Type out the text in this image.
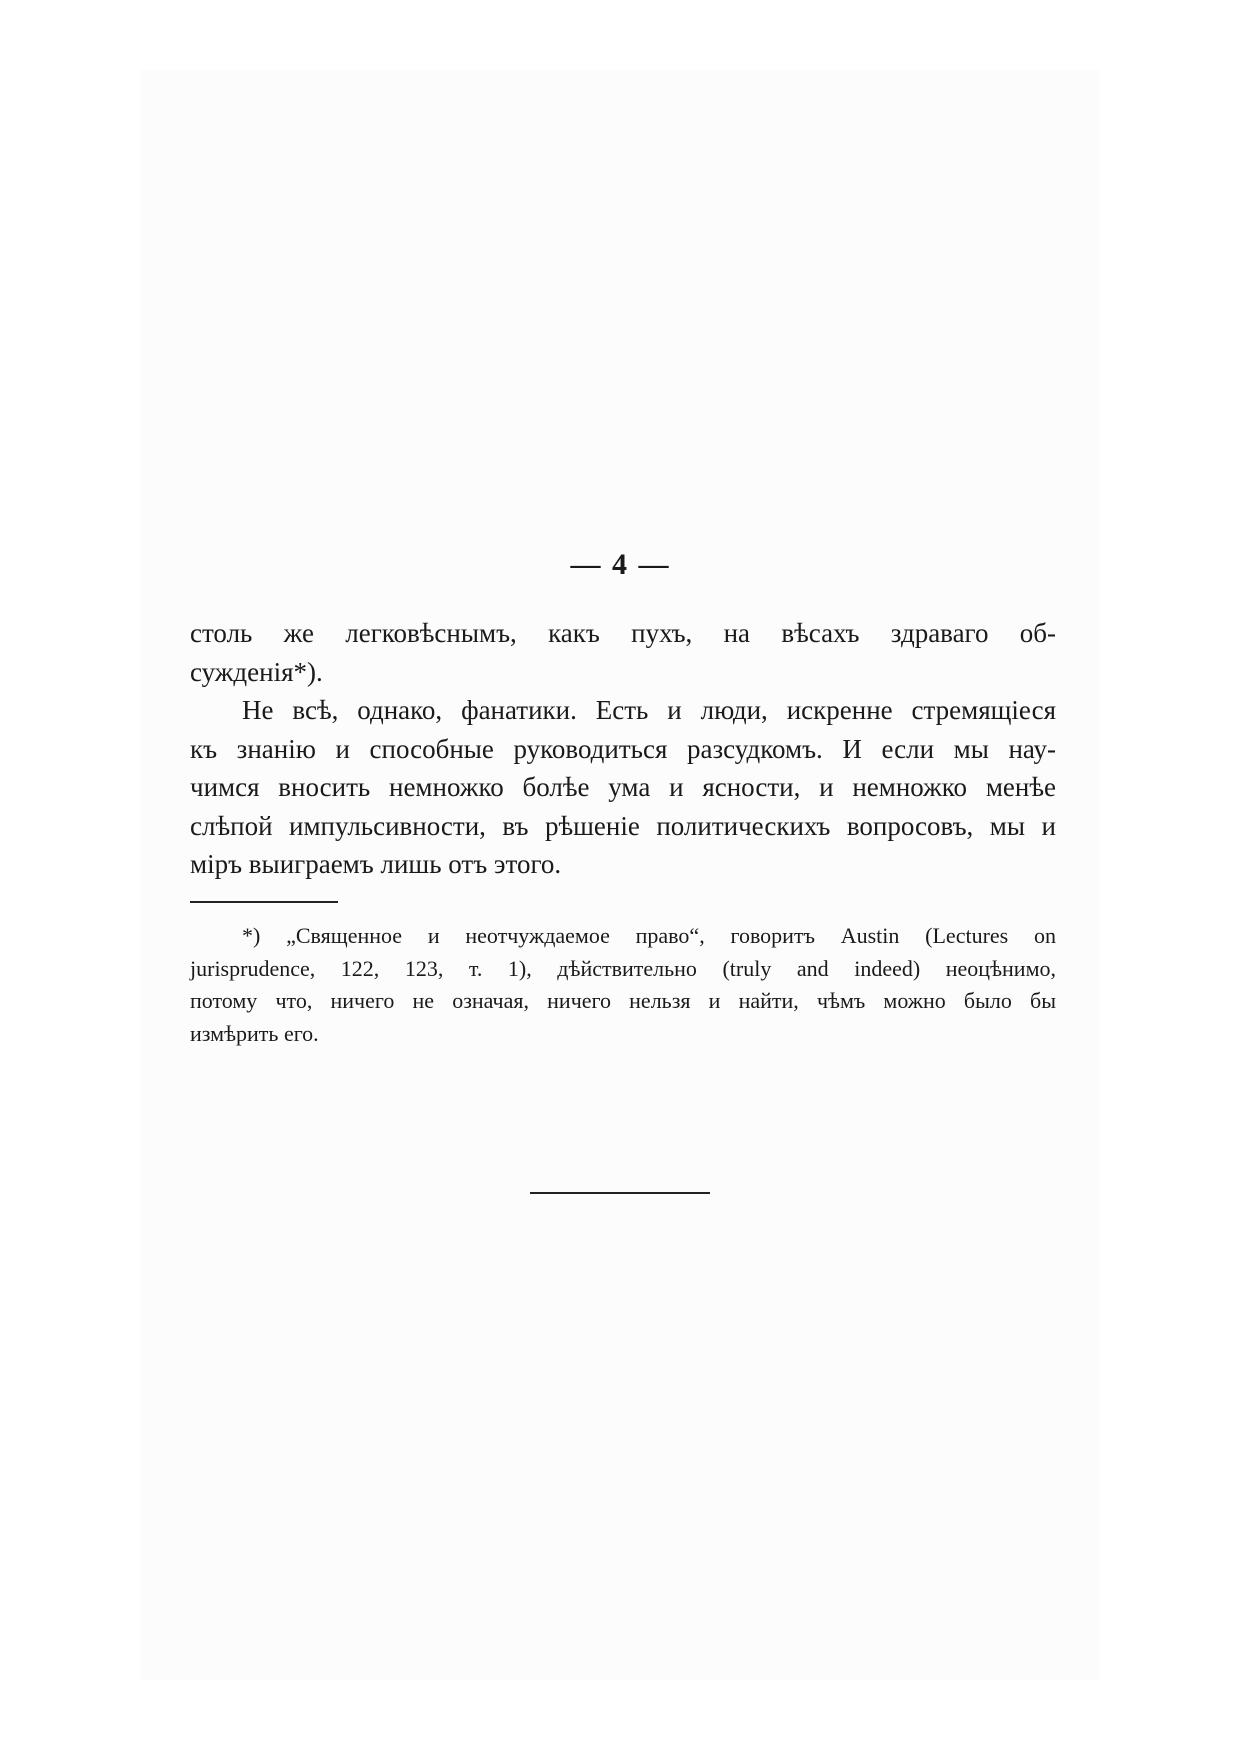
— 4 —
столь же легковѣснымъ, какъ пухъ, на вѣсахъ здраваго об-
сужденія*).
Не всѣ, однако, фанатики. Есть и люди, искренне стремящіеся
къ знанію и способные руководиться разсудкомъ. И если мы нау-
чимся вносить немножко болѣе ума и ясности, и немножко менѣе
слѣпой импульсивности, въ рѣшеніе политическихъ вопросовъ, мы и
міръ выиграемъ лишь отъ этого.
*) „Священное и неотчуждаемое право“, говоритъ Austin (Lectures on
jurisprudence, 122, 123, т. 1), дѣйствительно (truly and indeed) неоцѣнимо,
потому что, ничего не означая, ничего нельзя и найти, чѣмъ можно было бы
измѣрить его.
